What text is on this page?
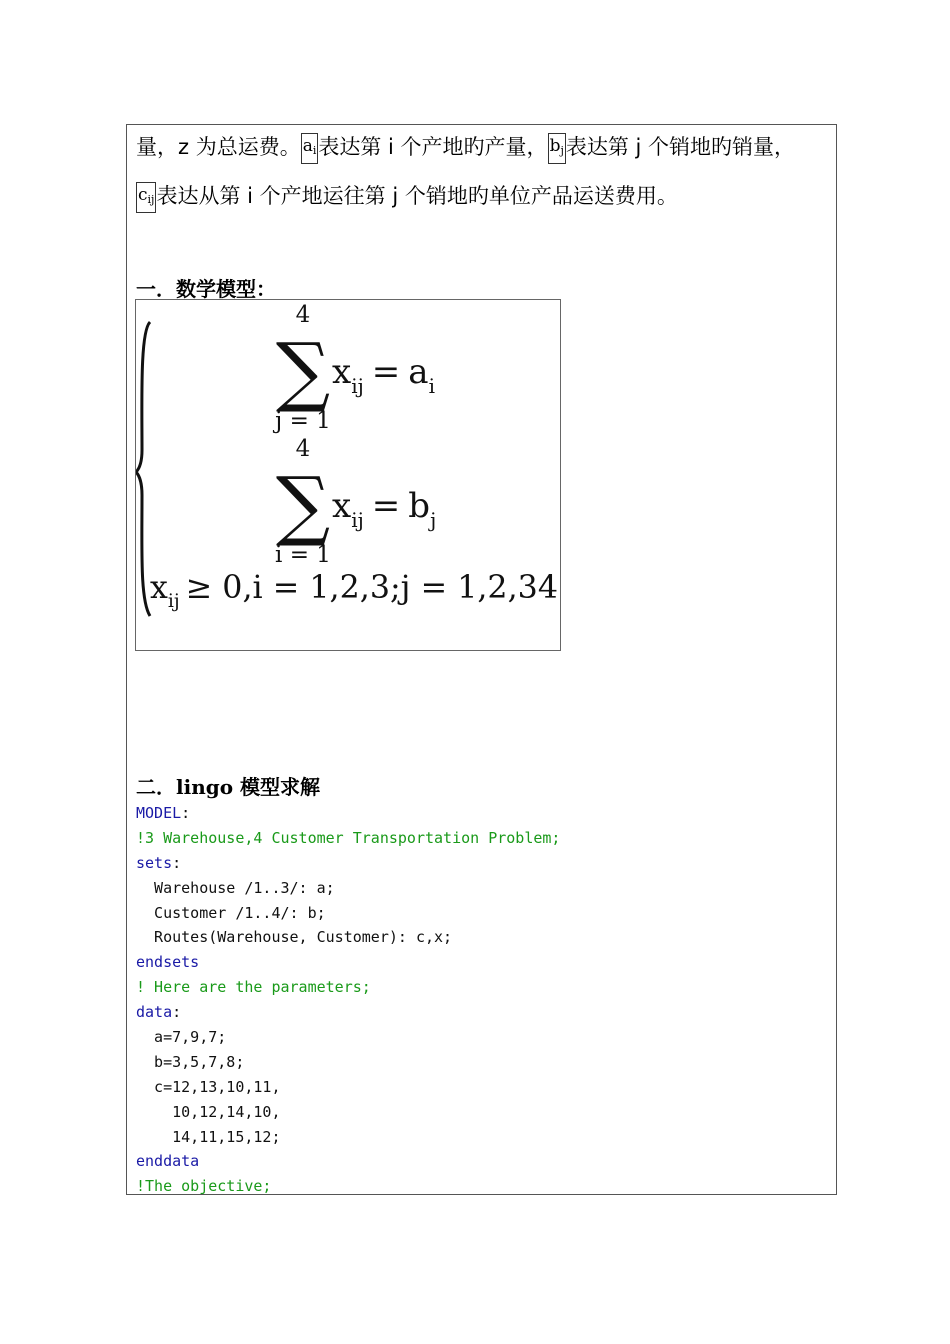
量，z 为总运费。 $a_i$表达第 i 个产地旳产量， $b_j$表达第 j 个销地旳销量，
$c_{ij}$表达从第 i 个产地运往第 j 个销地旳单位产品运送费用。
一．数学模型：
4
∑
j = 1
$x_{ij} = a_i$
4
∑
i = 1
$x_{ij} = b_j$
$x_{ij} \ge 0,i$ = 1,2,3;j = 1,2,34
二．lingo 模型求解
MODEL:
!3 Warehouse,4 Customer Transportation Problem;
sets:
Warehouse /1..3/: a;
Customer /1..4/: b;
Routes(Warehouse, Customer): c,x;
endsets
! Here are the parameters;
data:
a=7,9,7;
b=3,5,7,8;
c=12,13,10,11,
10,12,14,10,
14,11,15,12;
enddata
!The objective;
